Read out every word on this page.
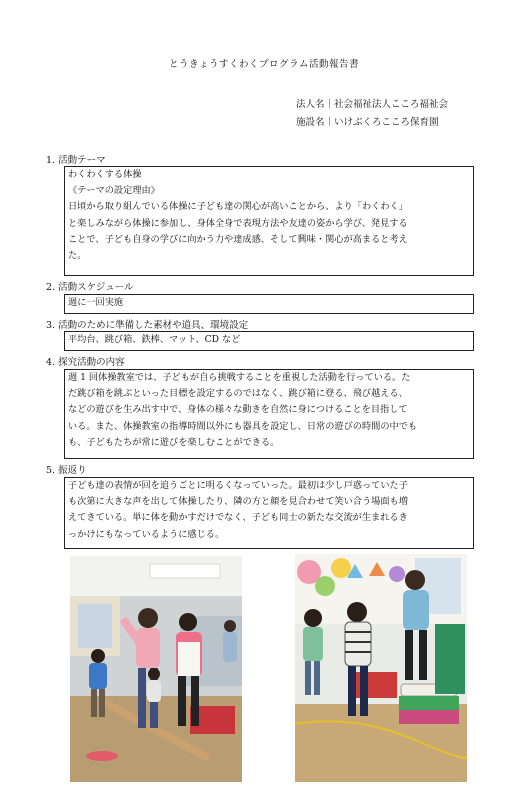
とうきょうすくわくプログラム活動報告書
法人名｜社会福祉法人こころ福祉会
施設名｜いけぶくろこころ保育園
1. 活動テーマ

わくわくする体操

《テーマの設定理由》

日頃から取り組んでいる体操に子ども達の関心が高いことから、より「わくわく」

と楽しみながら体操に参加し、身体全身で表現方法や友達の姿から学び、発見する

ことで、子ども自身の学びに向かう力や達成感、そして興味・関心が高まると考え

た。

2. 活動スケジュール

週に一回実施

3. 活動のために準備した素材や道具、環境設定

平均台、跳び箱、鉄棒、マット、CD など

4. 探究活動の内容

週 1 回体操教室では、子どもが自ら挑戦することを重視した活動を行っている。た

だ跳び箱を跳ぶといった目標を設定するのではなく、跳び箱に登る、飛び越える、

などの遊びを生み出す中で、身体の様々な動きを自然に身につけることを目指して

いる。また、体操教室の指導時間以外にも器具を設定し、日常の遊びの時間の中でも

も、子どもたちが常に遊びを楽しむことができる。

5. 振返り

子ども達の表情が回を追うごとに明るくなっていった。最初は少し戸惑っていた子

も次第に大きな声を出して体操したり、隣の方と顔を見合わせて笑い合う場面も増

えてきている。単に体を動かすだけでなく、子ども同士の新たな交流が生まれるき

っかけにもなっているように感じる。
